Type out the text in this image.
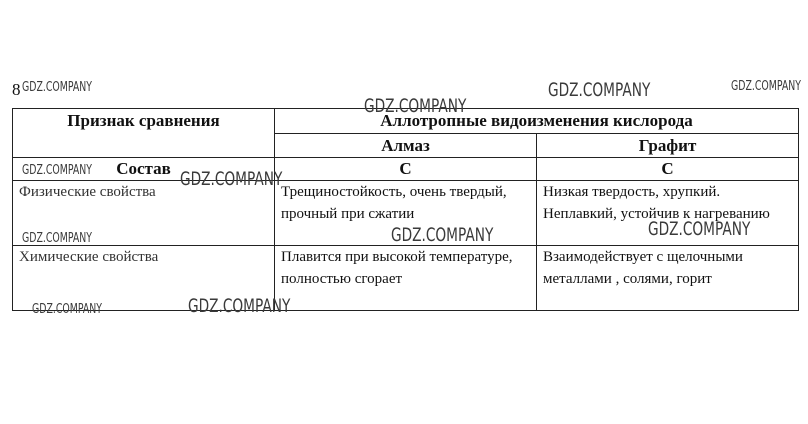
8
Признак сравнения	Аллотропные видоизменения кислорода	
	Алмаз	Графит
Состав	C	C
Физические свойства	Трещиностойкость, очень твердый, прочный при сжатии	Низкая твердость, хрупкий. Неплавкий, устойчив к нагреванию
Химические свойства	Плавится при высокой температуре, полностью сгорает	Взаимодействует с щелочными металлами , солями, горит
GDZ.COMPANY	GDZ.COMPANY	GDZ.COMPANY
GDZ.COMPANY
GDZ.COMPANY	GDZ.COMPANY
GDZ.COMPANY	GDZ.COMPANY	GDZ.COMPANY
GDZ.COMPANY	GDZ.COMPANY
